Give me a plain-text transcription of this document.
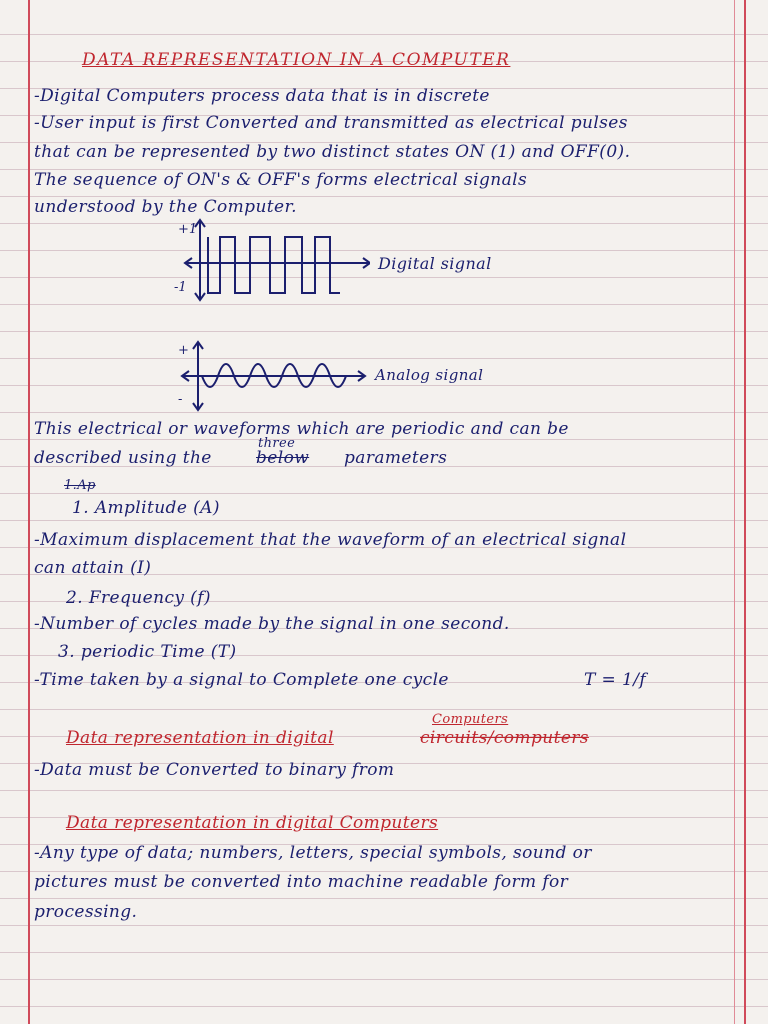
DATA REPRESENTATION IN A COMPUTER
-Digital Computers process data that is in discrete
-User input is first Converted and transmitted as electrical pulses
that can be represented by two distinct states ON (1) and OFF(0).
The sequence of ON's & OFF's forms electrical signals
understood by the Computer.
+1
-1
Digital signal
+
-
Analog signal
This electrical or waveforms which are periodic and can be
described using the	below
three
parameters
1.Ap
1. Amplitude (A)
-Maximum displacement that the waveform of an electrical signal
can attain (I)
2. Frequency (f)
-Number of cycles made by the signal in one second.
3. periodic Time (T)
-Time taken by a signal to Complete one cycle	T = 1/f
Computers
Data representation in digital	circuits/computers
-Data must be Converted to binary from
Data representation in digital Computers
-Any type of data; numbers, letters, special symbols, sound or
pictures must be converted into machine readable form for
processing.
